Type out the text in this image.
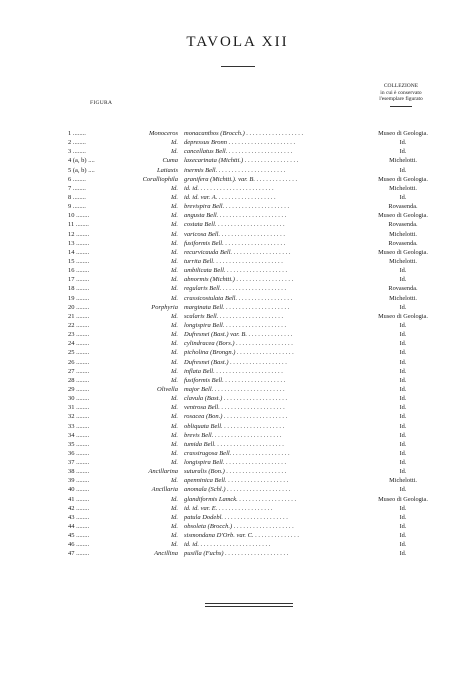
TAVOLA XII
FIGURA
COLLEZIONE
in cui è conservato
l'esemplare figurato
1 ........	Monoceros monacanthos (Brocch.) . . . . . . . . . . . . . . . . . .	Museo di Geologia.
2 ........	Id. depressus Bronn . . . . . . . . . . . . . . . . . . . . .	Id.
3 ........	Id. cancellatus Bell. . . . . . . . . . . . . . . . . . . . .	Id.
4 (a, b) ....	Cuma laxecarinata (Michtti.) . . . . . . . . . . . . . . . . .	Michelotti.
5 (a, b) ....	Latiaxis inermis Bell. . . . . . . . . . . . . . . . . . . . . .	Id.
6 ........	Coralliophila granifera (Michtti.). var. B. . . . . . . . . . . . . .	Museo di Geologia.
7 ........	Id. id. id. . . . . . . . . . . . . . . . . . . . . . . .	Michelotti.
8 ........	Id. id. id. var. A. . . . . . . . . . . . . . . . . . .	Id.
9 ........	Id. brevispira Bell. . . . . . . . . . . . . . . . . . . . .	Rovasenda.
10 ........	Id. angusta Bell. . . . . . . . . . . . . . . . . . . . . .	Museo di Geologia.
11 ........	Id. costata Bell. . . . . . . . . . . . . . . . . . . . . .	Rovasenda.
12 ........	Id. varicosa Bell. . . . . . . . . . . . . . . . . . . . .	Michelotti.
13 ........	Id. fusiformis Bell. . . . . . . . . . . . . . . . . . . .	Rovasenda.
14 ........	Id. recurvicauda Bell. . . . . . . . . . . . . . . . . . .	Museo di Geologia.
15 ........	Id. turrita Bell. . . . . . . . . . . . . . . . . . . . . .	Michelotti.
16 ........	Id. umbilicata Bell. . . . . . . . . . . . . . . . . . . .	Id.
17 ........	Id. abnormis (Michtti.) . . . . . . . . . . . . . . . . . .	Id.
18 ........	Id. regularis Bell. . . . . . . . . . . . . . . . . . . . .	Rovasenda.
19 ........	Id. crassicostulata Bell. . . . . . . . . . . . . . . . . .	Michelotti.
20 ........	Porphyria marginata Bell. . . . . . . . . . . . . . . . . . . . .	Id.
21 ........	Id. scalaris Bell. . . . . . . . . . . . . . . . . . . . .	Museo di Geologia.
22 ........	Id. longispira Bell. . . . . . . . . . . . . . . . . . . .	Id.
23 ........	Id. Dufresnei (Bast.) var. B. . . . . . . . . . . . . . .	Id.
24 ........	Id. cylindracea (Bors.) . . . . . . . . . . . . . . . . . .	Id.
25 ........	Id. picholina (Brongn.) . . . . . . . . . . . . . . . . . .	Id.
26 ........	Id. Dufresnei (Bast.) . . . . . . . . . . . . . . . . . .	Id.
27 ........	Id. inflata Bell. . . . . . . . . . . . . . . . . . . . . .	Id.
28 ........	Id. fusiformis Bell. . . . . . . . . . . . . . . . . . . .	Id.
29 ........	Olivella major Bell. . . . . . . . . . . . . . . . . . . . . . .	Id.
30 ........	Id. clavula (Bast.) . . . . . . . . . . . . . . . . . . . .	Id.
31 ........	Id. ventrosa Bell. . . . . . . . . . . . . . . . . . . . .	Id.
32 ........	Id. rosacea (Bon.) . . . . . . . . . . . . . . . . . . . .	Id.
33 ........	Id. obliquata Bell. . . . . . . . . . . . . . . . . . . .	Id.
34 ........	Id. brevis Bell. . . . . . . . . . . . . . . . . . . . . .	Id.
35 ........	Id. tumida Bell. . . . . . . . . . . . . . . . . . . . . .	Id.
36 ........	Id. crassirugosa Bell. . . . . . . . . . . . . . . . . . .	Id.
37 ........	Id. longispira Bell. . . . . . . . . . . . . . . . . . . .	Id.
38 ........	Ancillarina suturalis (Bon.) . . . . . . . . . . . . . . . . . . .	Id.
39 ........	Id. apenninica Bell. . . . . . . . . . . . . . . . . . . .	Michelotti.
40 ........	Ancillaria anomala (Schl.) . . . . . . . . . . . . . . . . . . . .	Id.
41 ........	Id. glandiformis Lamck. . . . . . . . . . . . . . . . . . .	Museo di Geologia.
42 ........	Id. id. id. var. E. . . . . . . . . . . . . . . . . .	Id.
43 ........	Id. patula Dodebl. . . . . . . . . . . . . . . . . . . . .	Id.
44 ........	Id. obsoleta (Brocch.) . . . . . . . . . . . . . . . . . . .	Id.
45 ........	Id. sismondana D'Orb. var. C. . . . . . . . . . . . . . .	Id.
46 ........	Id. id. id. . . . . . . . . . . . . . . . . . . . . . .	Id.
47 ........	Ancillina pusilla (Fuchs) . . . . . . . . . . . . . . . . . . . .	Id.
